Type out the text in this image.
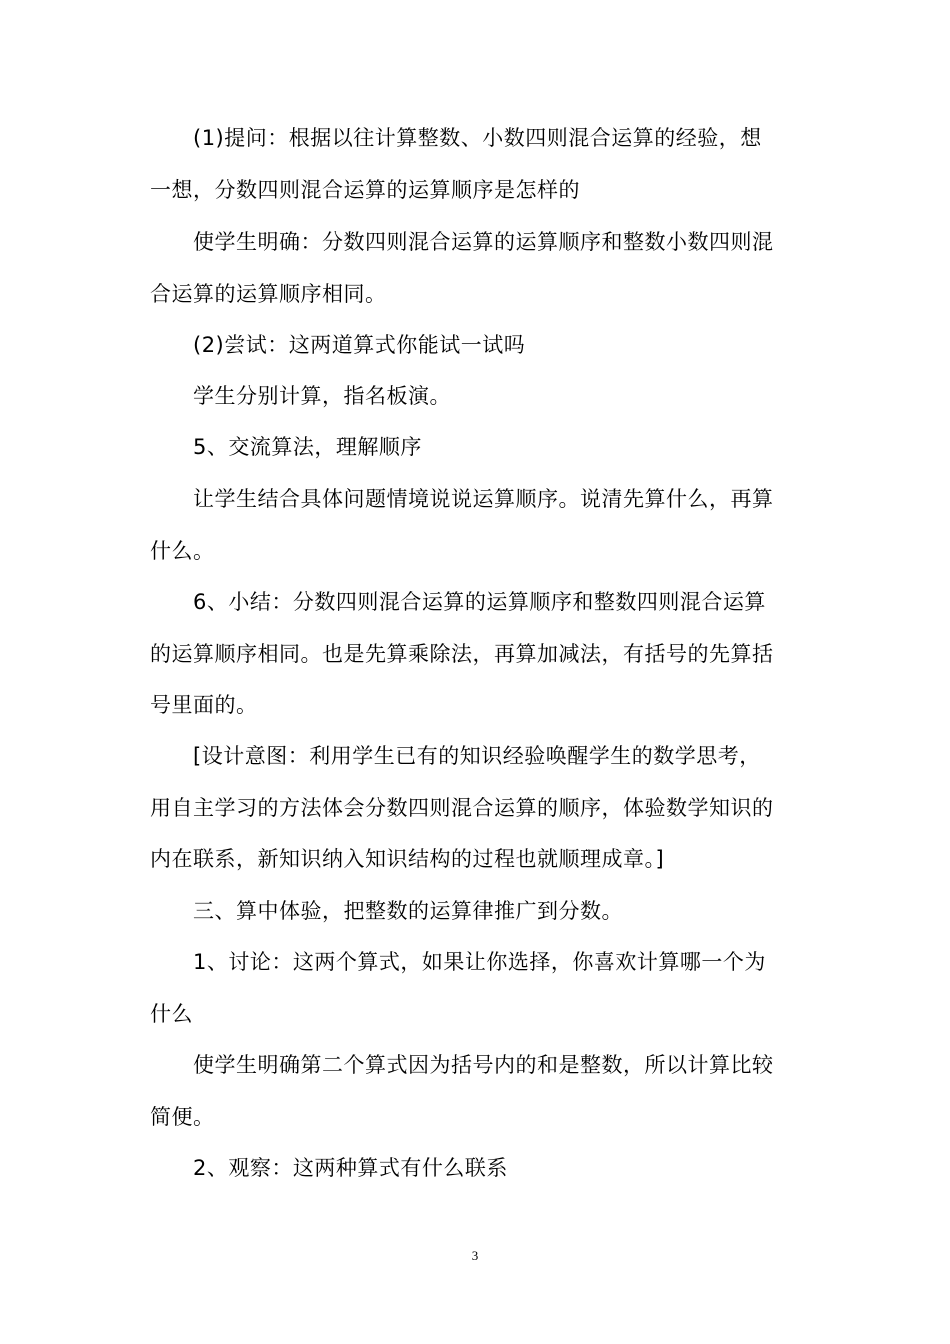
(1)提问：根据以往计算整数、小数四则混合运算的经验，想
一想，分数四则混合运算的运算顺序是怎样的
使学生明确：分数四则混合运算的运算顺序和整数小数四则混
合运算的运算顺序相同。
(2)尝试：这两道算式你能试一试吗
学生分别计算，指名板演。
5、交流算法，理解顺序
让学生结合具体问题情境说说运算顺序。说清先算什么，再算
什么。
6、小结：分数四则混合运算的运算顺序和整数四则混合运算
的运算顺序相同。也是先算乘除法，再算加减法，有括号的先算括
号里面的。
[设计意图：利用学生已有的知识经验唤醒学生的数学思考，
用自主学习的方法体会分数四则混合运算的顺序，体验数学知识的
内在联系，新知识纳入知识结构的过程也就顺理成章。]
三、算中体验，把整数的运算律推广到分数。
1、讨论：这两个算式，如果让你选择，你喜欢计算哪一个为
什么
使学生明确第二个算式因为括号内的和是整数，所以计算比较
简便。
2、观察：这两种算式有什么联系
3
